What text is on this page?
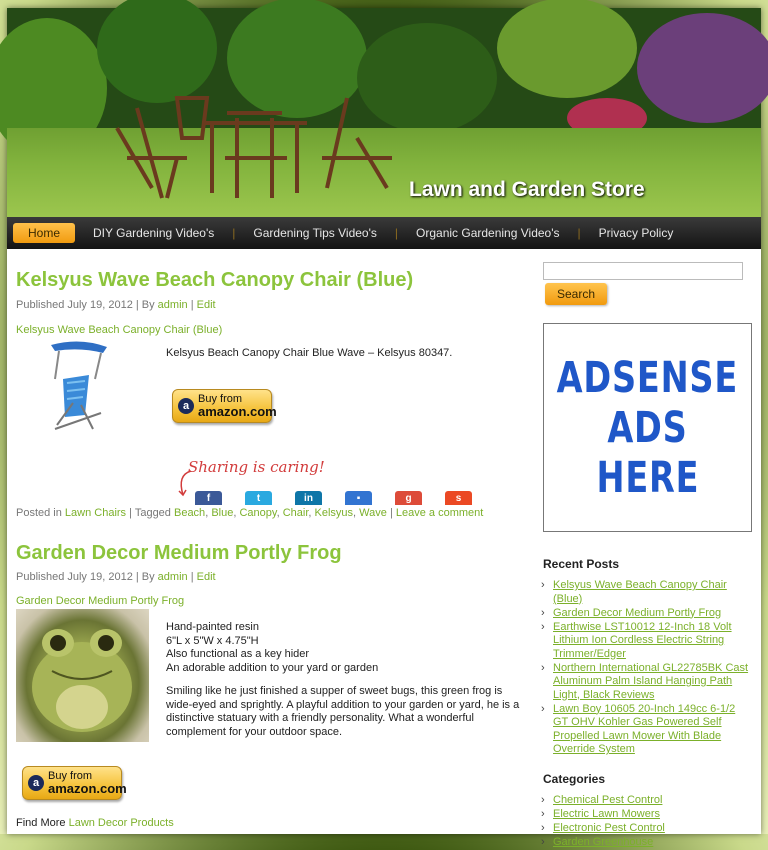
Lawn and Garden Store
Home	DIY Gardening Video's	|	Gardening Tips Video's	|	Organic Gardening Video's	|	Privacy Policy
Kelsyus Wave Beach Canopy Chair (Blue)
Published July 19, 2012 | By admin | Edit
Kelsyus Wave Beach Canopy Chair (Blue)
Kelsyus Beach Canopy Chair Blue Wave – Kelsyus 80347.
a
Buy from
amazon.com
Sharing is caring!
f	t	in	▪	g	s
Posted in Lawn Chairs | Tagged Beach, Blue, Canopy, Chair, Kelsyus, Wave | Leave a comment
Garden Decor Medium Portly Frog
Published July 19, 2012 | By admin | Edit
Garden Decor Medium Portly Frog
Hand-painted resin
6"L x 5"W x 4.75"H
Also functional as a key hider
An adorable addition to your yard or garden
Smiling like he just finished a supper of sweet bugs, this green frog is wide-eyed and sprightly. A playful addition to your garden or yard, he is a distinctive statuary with a friendly personality. What a wonderful complement for your outdoor space.
a
Buy from
amazon.com
Find More Lawn Decor Products
Search
ADSENSE
ADS
HERE
Recent Posts
› Kelsyus Wave Beach Canopy Chair
(Blue)
› Garden Decor Medium Portly Frog
› Earthwise LST10012 12-Inch 18 Volt
Lithium Ion Cordless Electric String
Trimmer/Edger
› Northern International GL22785BK Cast
Aluminum Palm Island Hanging Path
Light, Black Reviews
› Lawn Boy 10605 20-Inch 149cc 6-1/2
GT OHV Kohler Gas Powered Self
Propelled Lawn Mower With Blade
Override System
Categories
› Chemical Pest Control
› Electric Lawn Mowers
› Electronic Pest Control
› Garden Greenhouse
